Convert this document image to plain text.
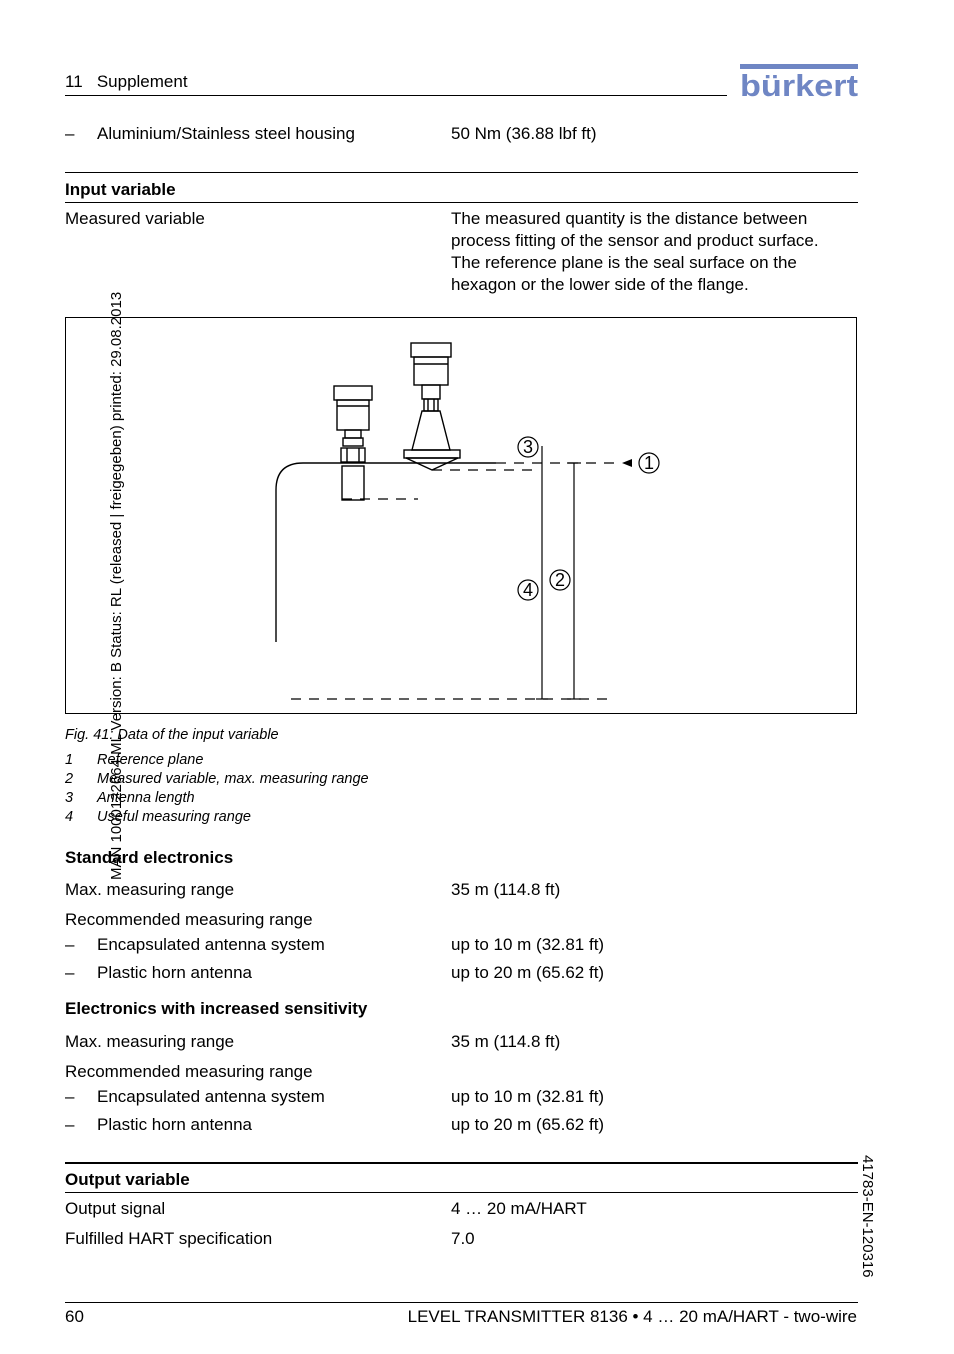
11   Supplement	bürkert
– Aluminium/Stainless steel housing	50 Nm (36.88 lbf ft)
Input variable
Measured variable	The measured quantity is the distance between
process fitting of the sensor and product surface.
The reference plane is the seal surface on the
hexagon or the lower side of the flange.
1
3
2
4
Fig. 41: Data of the input variable
1 Reference plane
2 Measured variable, max. measuring range
3 Antenna length
4 Useful measuring range
Standard electronics
Max. measuring range	35 m (114.8 ft)
Recommended measuring range
– Encapsulated antenna system	up to 10 m (32.81 ft)
– Plastic horn antenna	up to 20 m (65.62 ft)
Electronics with increased sensitivity
Max. measuring range	35 m (114.8 ft)
Recommended measuring range
– Encapsulated antenna system	up to 10 m (32.81 ft)
– Plastic horn antenna	up to 20 m (65.62 ft)
Output variable
Output signal	4 … 20 mA/HART
Fulfilled HART specification	7.0
MAN 1000122664 ML Version: B Status: RL (released | freigegeben) printed: 29.08.2013
41783-EN-120316
60	LEVEL TRANSMITTER 8136 • 4 … 20 mA/HART - two-wire
